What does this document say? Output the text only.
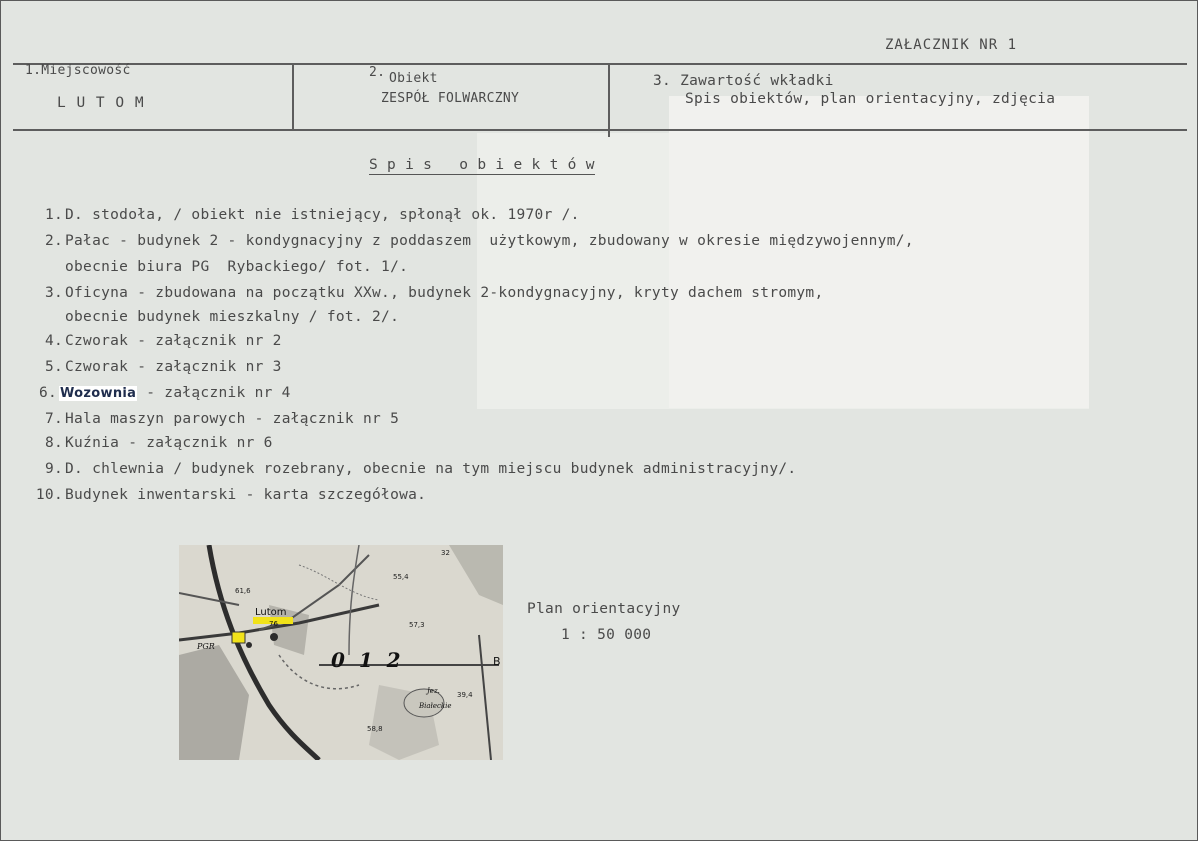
ZAŁACZNIK NR 1
1.Miejscowość
L U T O M
2. Obiekt
ZESPÓŁ FOLWARCZNY
3. Zawartość wkładki
Spis obiektów, plan orientacyjny, zdjęcia
S p i s   o b i e k t ó w
1. D. stodoła, / obiekt nie istniejący, spłonął ok. 1970r /.
2. Pałac - budynek 2 - kondygnacyjny z poddaszem  użytkowym, zbudowany w okresie międzywojennym/,
obecnie biura PG  Rybackiego/ fot. 1/.
3. Oficyna - zbudowana na początku XXw., budynek 2-kondygnacyjny, kryty dachem stromym,
obecnie budynek mieszkalny / fot. 2/.
4. Czworak - załącznik nr 2
5. Czworak - załącznik nr 3
6. Wozownia - załącznik nr 4
7. Hala maszyn parowych - załącznik nr 5
8. Kuźnia - załącznik nr 6
9. D. chlewnia / budynek rozebrany, obecnie na tym miejscu budynek administracyjny/.
10. Budynek inwentarski - karta szczegółowa.
Lutom
76
PGR
Jez.
Białeckie
32
55,4
61,6
57,3
39,4
58,8
0  1  2	B
Plan orientacyjny
1 : 50 000
